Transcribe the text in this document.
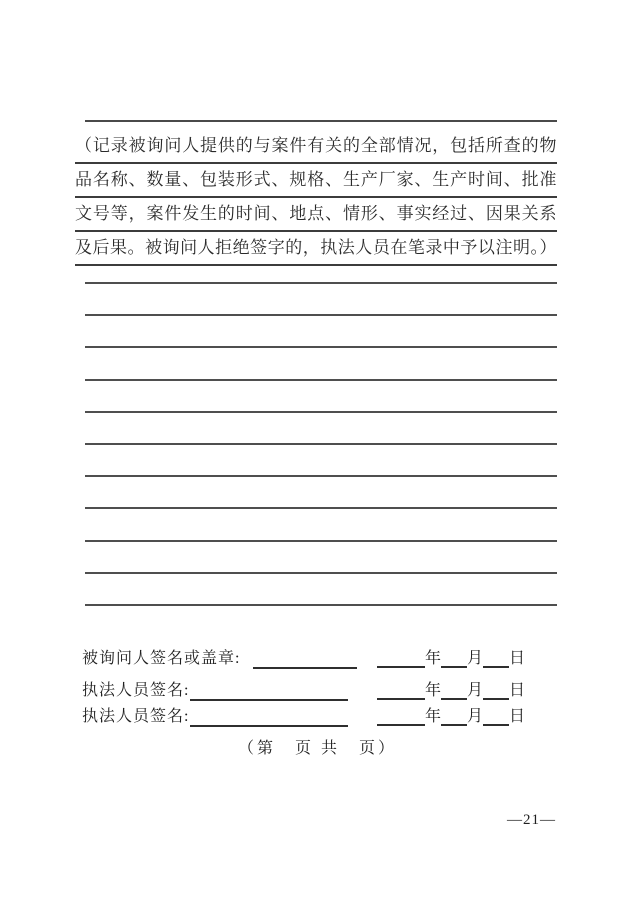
（记录被询问人提供的与案件有关的全部情况，包括所查的物
品名称、数量、包装形式、规格、生产厂家、生产时间、批准
文号等，案件发生的时间、地点、情形、事实经过、因果关系
及后果。被询问人拒绝签字的，执法人员在笔录中予以注明。）
被询问人签名或盖章:	年 月 日
执法人员签名:	年 月 日
执法人员签名:	年 月 日
（第　页 共　页）
—21—
